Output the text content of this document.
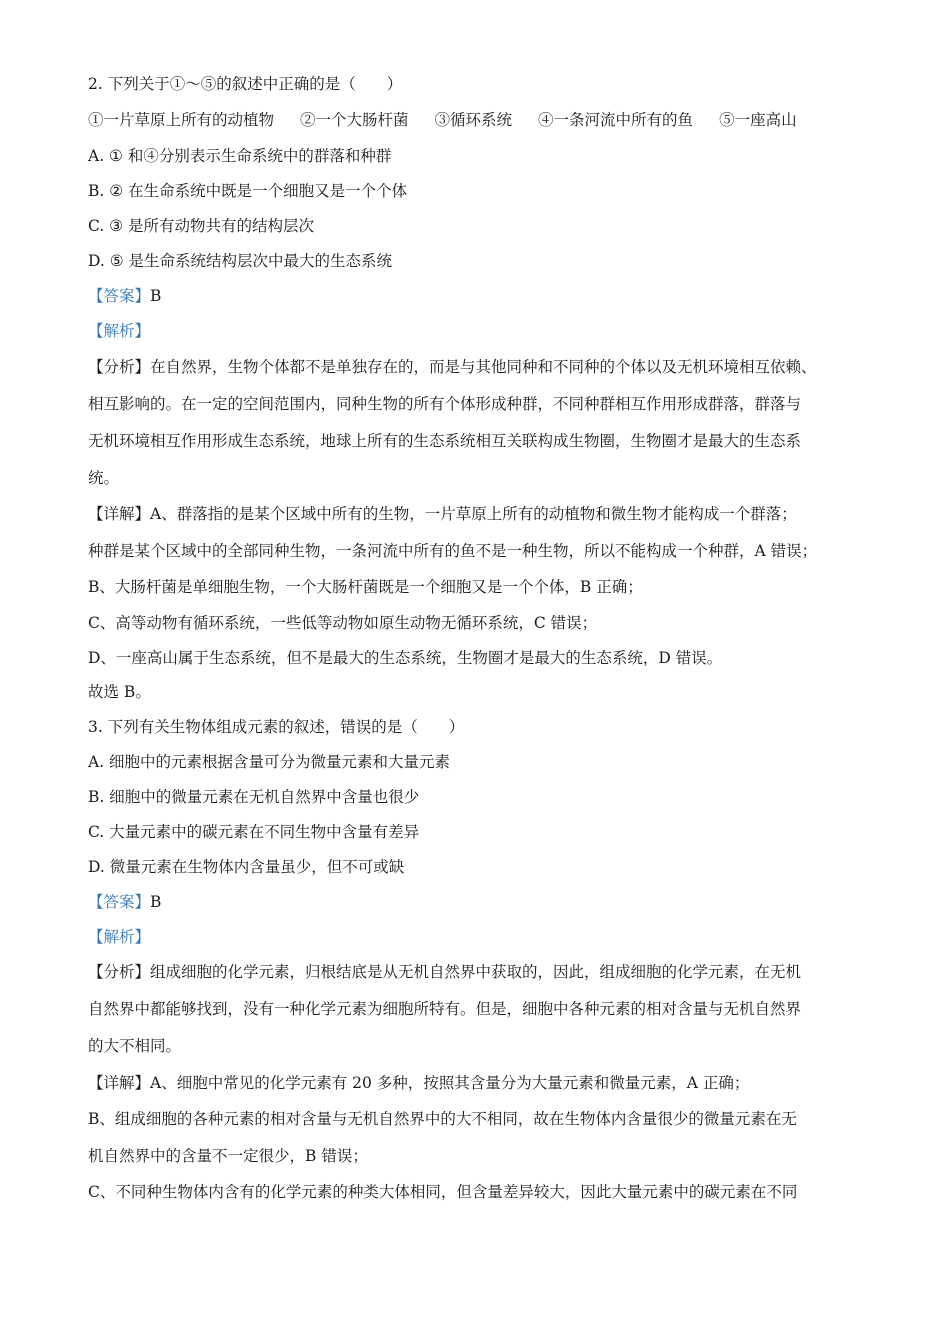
2. 下列关于①～⑤的叙述中正确的是（　　）
①一片草原上所有的动植物 ②一个大肠杆菌 ③循环系统 ④一条河流中所有的鱼 ⑤一座高山
A. ① 和④分别表示生命系统中的群落和种群
B. ② 在生命系统中既是一个细胞又是一个个体
C. ③ 是所有动物共有的结构层次
D. ⑤ 是生命系统结构层次中最大的生态系统
【答案】B
【解析】
【分析】在自然界，生物个体都不是单独存在的，而是与其他同种和不同种的个体以及无机环境相互依赖、
相互影响的。在一定的空间范围内，同种生物的所有个体形成种群，不同种群相互作用形成群落，群落与
无机环境相互作用形成生态系统，地球上所有的生态系统相互关联构成生物圈，生物圈才是最大的生态系
统。
【详解】A、群落指的是某个区域中所有的生物，一片草原上所有的动植物和微生物才能构成一个群落；
种群是某个区域中的全部同种生物，一条河流中所有的鱼不是一种生物，所以不能构成一个种群，A 错误；
B、大肠杆菌是单细胞生物，一个大肠杆菌既是一个细胞又是一个个体，B 正确；
C、高等动物有循环系统，一些低等动物如原生动物无循环系统，C 错误；
D、一座高山属于生态系统，但不是最大的生态系统，生物圈才是最大的生态系统，D 错误。
故选 B。
3. 下列有关生物体组成元素的叙述，错误的是（　　）
A. 细胞中的元素根据含量可分为微量元素和大量元素
B. 细胞中的微量元素在无机自然界中含量也很少
C. 大量元素中的碳元素在不同生物中含量有差异
D. 微量元素在生物体内含量虽少，但不可或缺
【答案】B
【解析】
【分析】组成细胞的化学元素，归根结底是从无机自然界中获取的，因此，组成细胞的化学元素，在无机
自然界中都能够找到，没有一种化学元素为细胞所特有。但是，细胞中各种元素的相对含量与无机自然界
的大不相同。
【详解】A、细胞中常见的化学元素有 20 多种，按照其含量分为大量元素和微量元素，A 正确；
B、组成细胞的各种元素的相对含量与无机自然界中的大不相同，故在生物体内含量很少的微量元素在无
机自然界中的含量不一定很少，B 错误；
C、不同种生物体内含有的化学元素的种类大体相同，但含量差异较大，因此大量元素中的碳元素在不同
